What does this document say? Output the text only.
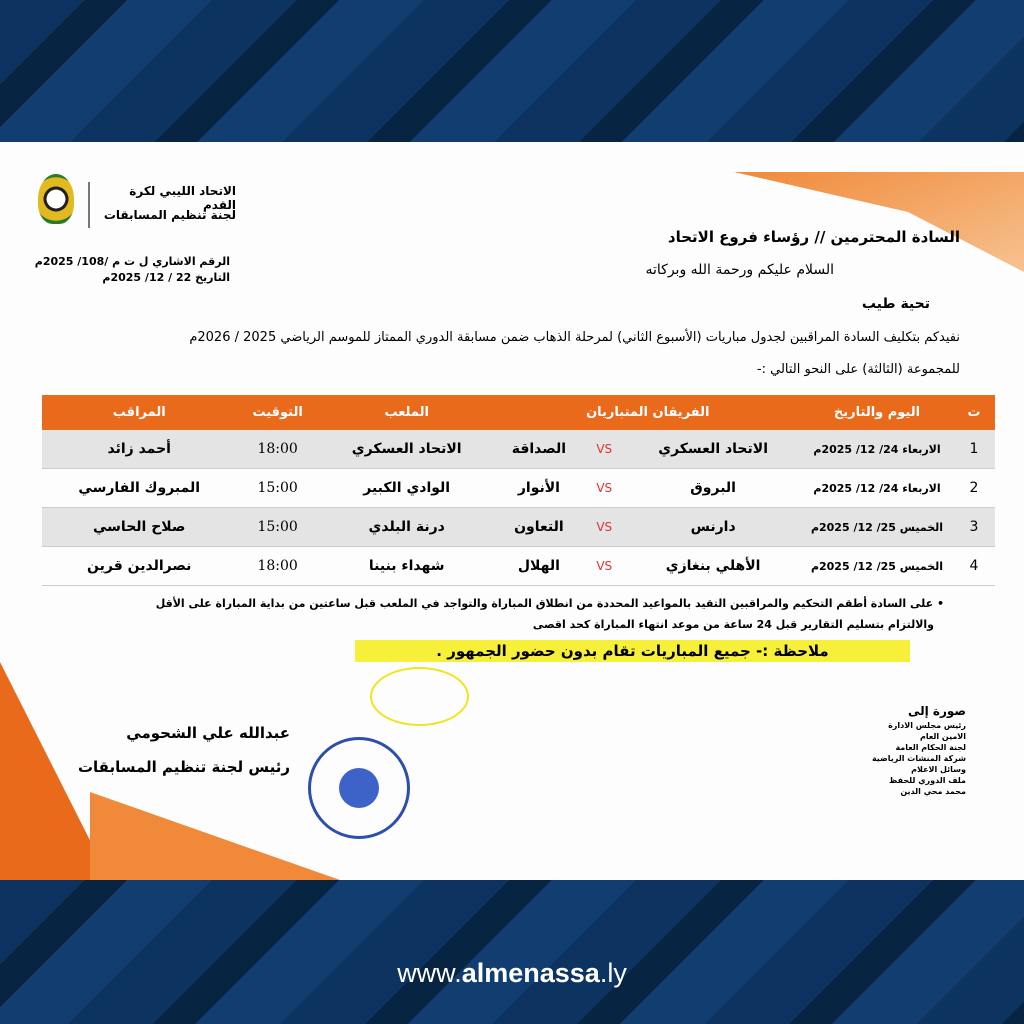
الاتحاد الليبي لكرة القدم
لجنة تنظيم المسابقات
الرقم الاشاري ل ت م /108/ 2025م
التاريخ 22 / 12/ 2025م
السادة المحترمين // رؤساء فروع الاتحاد
السلام عليكم ورحمة الله وبركاته
تحية طيب
نفيدكم بتكليف السادة المراقبين لجدول مباريات (الأسبوع الثاني) لمرحلة الذهاب ضمن مسابقة الدوري الممتاز للموسم الرياضي 2025 / 2026م
للمجموعة (الثالثة) على النحو التالي :-
ت	اليوم والتاريخ	الفريقان المتباريان			الملعب	التوقيت	المراقب
1	الاربعاء 24/ 12/ 2025م	الاتحاد العسكري	VS	الصداقة	الاتحاد العسكري	18:00	أحمد زائد
2	الاربعاء 24/ 12/ 2025م	البروق	VS	الأنوار	الوادي الكبير	15:00	المبروك الفارسي
3	الخميس 25/ 12/ 2025م	دارنس	VS	التعاون	درنة البلدي	15:00	صلاح الحاسي
4	الخميس 25/ 12/ 2025م	الأهلي بنغازي	VS	الهلال	شهداء بنينا	18:00	نصرالدين قرين
• على السادة أطقم التحكيم والمراقبين التقيد بالمواعيد المحددة من انطلاق المباراة والتواجد في الملعب قبل ساعتين من بداية المباراة على الأقل
والالتزام بتسليم التقارير قبل 24 ساعة من موعد انتهاء المباراة كحد اقصى
ملاحظة :- جميع المباريات تقام بدون حضور الجمهور .
عبدالله علي الشحومي
رئيس لجنة تنظيم المسابقات
صورة إلى
رئيس مجلس الادارة
الامين العام
لجنة الحكام العامة
شركة المنشات الرياضية
وسائل الاعلام
ملف الدوري للحفظ
محمد محي الدين
www.almenassa.ly
